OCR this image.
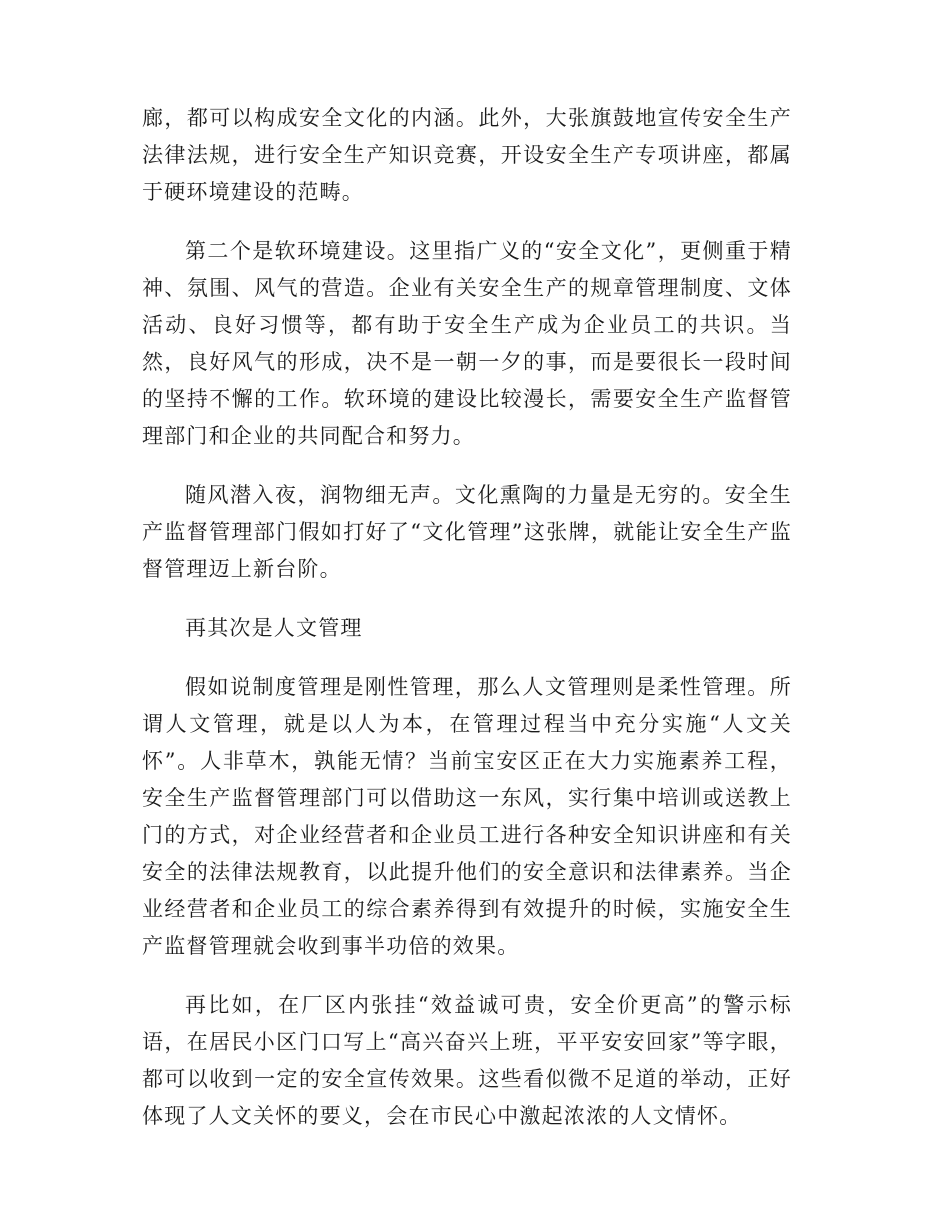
廊，都可以构成安全文化的内涵。此外，大张旗鼓地宣传安全生产法律法规，进行安全生产知识竞赛，开设安全生产专项讲座，都属于硬环境建设的范畴。

第二个是软环境建设。这里指广义的“安全文化”，更侧重于精神、氛围、风气的营造。企业有关安全生产的规章管理制度、文体活动、良好习惯等，都有助于安全生产成为企业员工的共识。当然，良好风气的形成，决不是一朝一夕的事，而是要很长一段时间的坚持不懈的工作。软环境的建设比较漫长，需要安全生产监督管理部门和企业的共同配合和努力。

随风潜入夜，润物细无声。文化熏陶的力量是无穷的。安全生产监督管理部门假如打好了“文化管理”这张牌，就能让安全生产监督管理迈上新台阶。

再其次是人文管理

假如说制度管理是刚性管理，那么人文管理则是柔性管理。所谓人文管理，就是以人为本，在管理过程当中充分实施“人文关怀”。人非草木，孰能无情？当前宝安区正在大力实施素养工程，安全生产监督管理部门可以借助这一东风，实行集中培训或送教上门的方式，对企业经营者和企业员工进行各种安全知识讲座和有关安全的法律法规教育，以此提升他们的安全意识和法律素养。当企业经营者和企业员工的综合素养得到有效提升的时候，实施安全生产监督管理就会收到事半功倍的效果。

再比如，在厂区内张挂“效益诚可贵，安全价更高”的警示标语，在居民小区门口写上“高兴奋兴上班，平平安安回家”等字眼，都可以收到一定的安全宣传效果。这些看似微不足道的举动，正好体现了人文关怀的要义，会在市民心中激起浓浓的人文情怀。
